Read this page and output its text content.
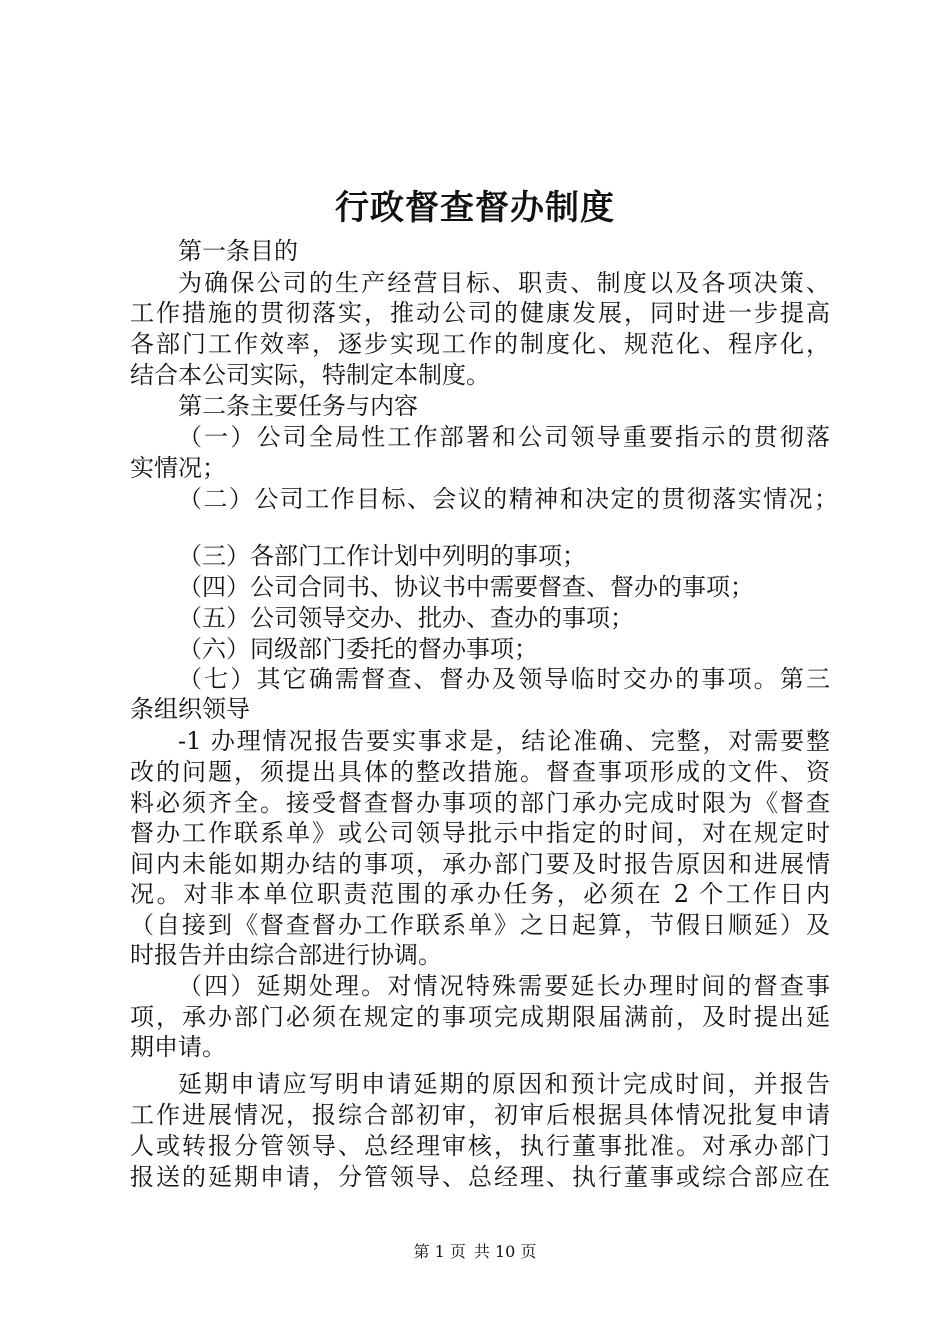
行政督查督办制度
第一条目的
为确保公司的生产经营目标、职责、制度以及各项决策、
工作措施的贯彻落实，推动公司的健康发展，同时进一步提高
各部门工作效率，逐步实现工作的制度化、规范化、程序化，
结合本公司实际，特制定本制度。
第二条主要任务与内容
（一）公司全局性工作部署和公司领导重要指示的贯彻落
实情况；
（二）公司工作目标、会议的精神和决定的贯彻落实情况；
（三）各部门工作计划中列明的事项；
（四）公司合同书、协议书中需要督查、督办的事项；
（五）公司领导交办、批办、查办的事项；
（六）同级部门委托的督办事项；
（七）其它确需督查、督办及领导临时交办的事项。第三
条组织领导
-1 办理情况报告要实事求是，结论准确、完整，对需要整
改的问题，须提出具体的整改措施。督查事项形成的文件、资
料必须齐全。接受督查督办事项的部门承办完成时限为《督查
督办工作联系单》或公司领导批示中指定的时间，对在规定时
间内未能如期办结的事项，承办部门要及时报告原因和进展情
况。对非本单位职责范围的承办任务，必须在 2 个工作日内
（自接到《督查督办工作联系单》之日起算，节假日顺延）及
时报告并由综合部进行协调。
（四）延期处理。对情况特殊需要延长办理时间的督查事
项，承办部门必须在规定的事项完成期限届满前，及时提出延
期申请。
延期申请应写明申请延期的原因和预计完成时间，并报告
工作进展情况，报综合部初审，初审后根据具体情况批复申请
人或转报分管领导、总经理审核，执行董事批准。对承办部门
报送的延期申请，分管领导、总经理、执行董事或综合部应在
第 1 页 共 10 页
